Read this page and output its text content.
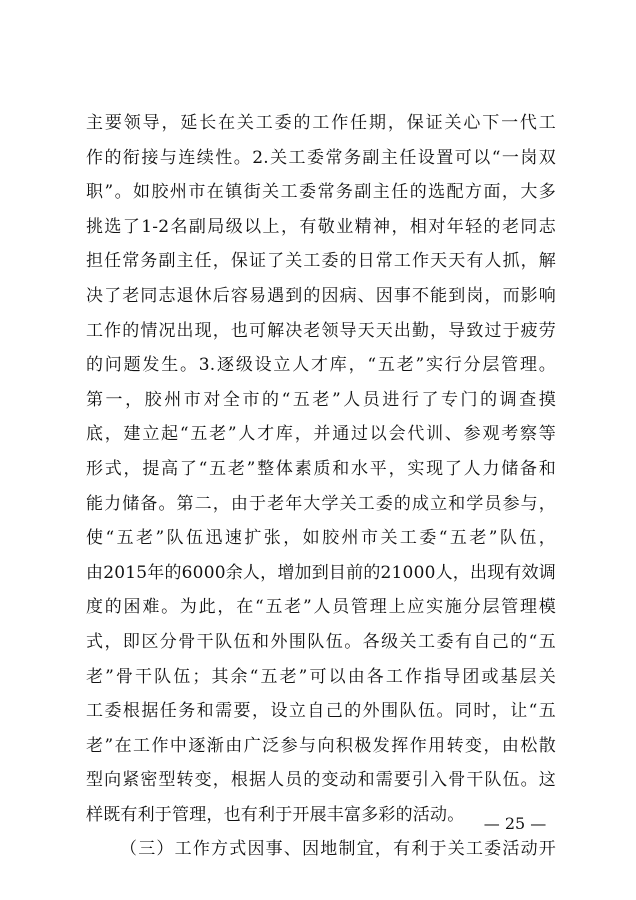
主要领导，延长在关工委的工作任期，保证关心下一代工
作的衔接与连续性。2.关工委常务副主任设置可以“一岗双
职”。如胶州市在镇街关工委常务副主任的选配方面，大多
挑选了1-2名副局级以上，有敬业精神，相对年轻的老同志
担任常务副主任，保证了关工委的日常工作天天有人抓，解
决了老同志退休后容易遇到的因病、因事不能到岗，而影响
工作的情况出现，也可解决老领导天天出勤，导致过于疲劳
的问题发生。3.逐级设立人才库，“五老”实行分层管理。
第一，胶州市对全市的“五老”人员进行了专门的调查摸
底，建立起“五老”人才库，并通过以会代训、参观考察等
形式，提高了“五老”整体素质和水平，实现了人力储备和
能力储备。第二，由于老年大学关工委的成立和学员参与，
使“五老”队伍迅速扩张，如胶州市关工委“五老”队伍，
由2015年的6000余人，增加到目前的21000人，出现有效调
度的困难。为此，在“五老”人员管理上应实施分层管理模
式，即区分骨干队伍和外围队伍。各级关工委有自己的“五
老”骨干队伍；其余“五老”可以由各工作指导团或基层关
工委根据任务和需要，设立自己的外围队伍。同时，让“五
老”在工作中逐渐由广泛参与向积极发挥作用转变，由松散
型向紧密型转变，根据人员的变动和需要引入骨干队伍。这
样既有利于管理，也有利于开展丰富多彩的活动。
（三）工作方式因事、因地制宜，有利于关工委活动开
— 25 —
